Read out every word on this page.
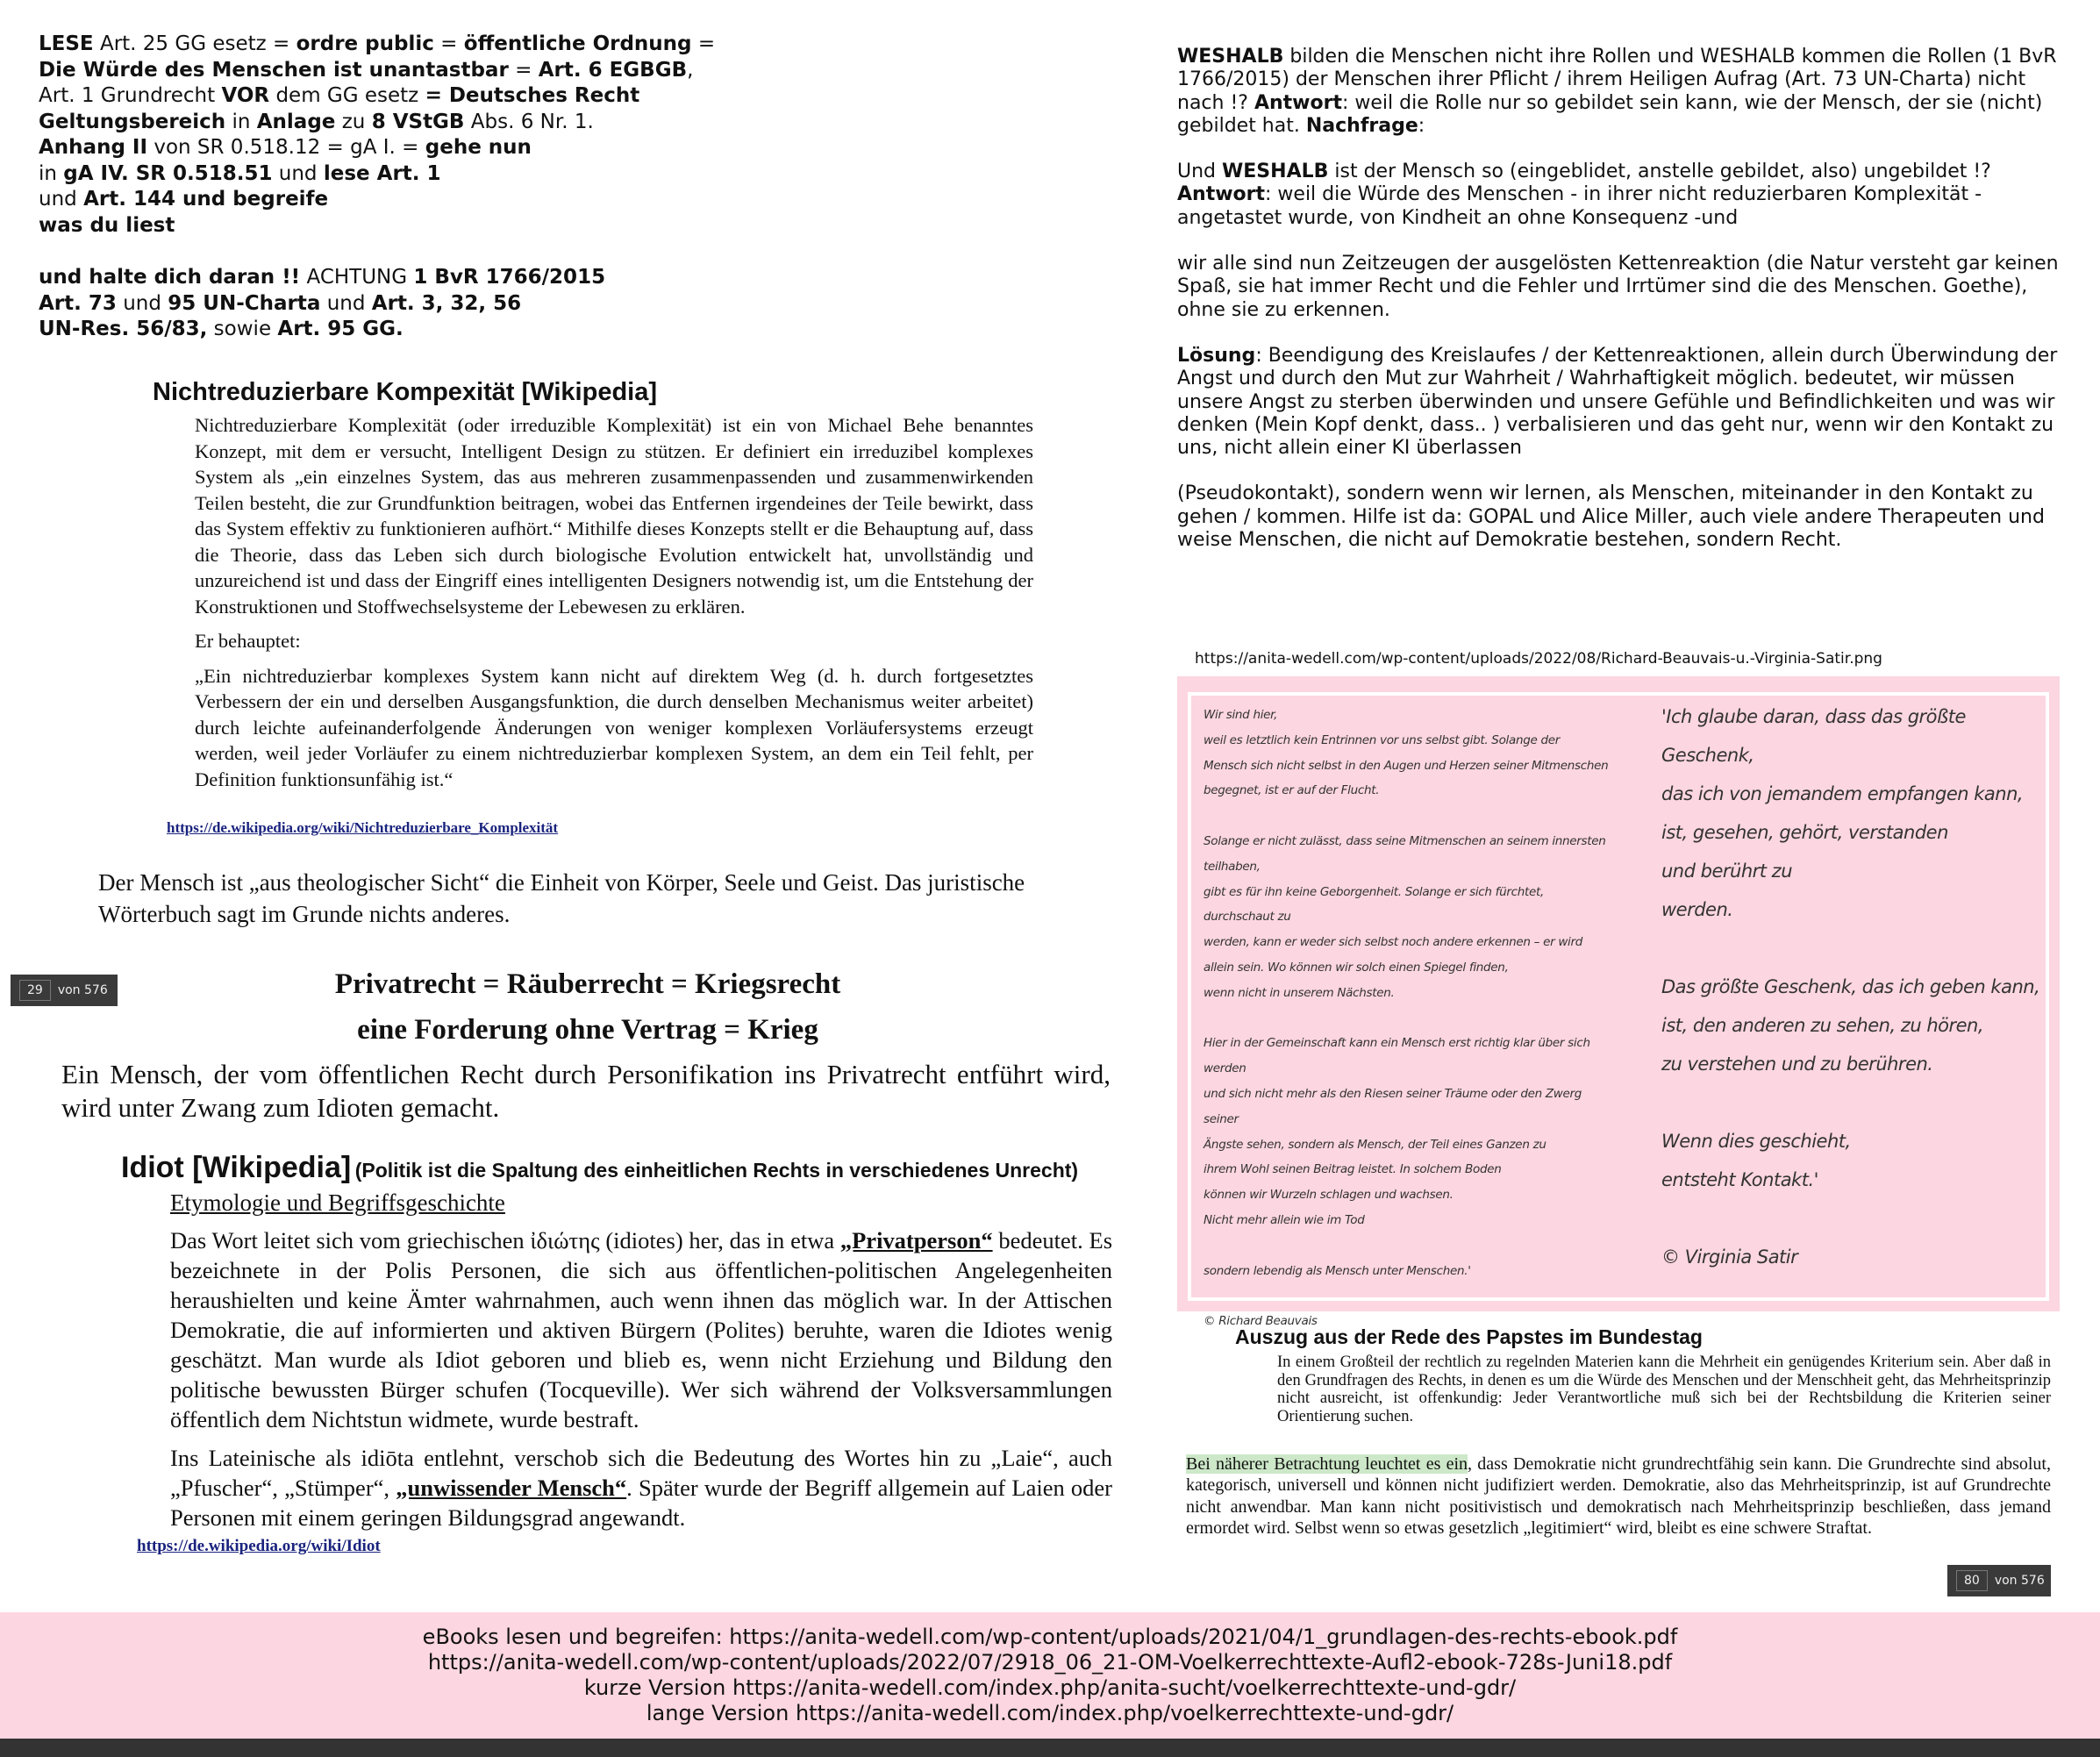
LESE Art. 25 GG esetz = ordre public = öffentliche Ordnung =
Die Würde des Menschen ist unantastbar = Art. 6 EGBGB,
Art. 1 Grundrecht VOR dem GG esetz = Deutsches Recht
Geltungsbereich in Anlage zu 8 VStGB Abs. 6 Nr. 1.
Anhang II von SR 0.518.12 = gA I. = gehe nun
in gA IV. SR 0.518.51 und lese Art. 1
und Art. 144 und begreife
was du liest
und halte dich daran !! ACHTUNG 1 BvR 1766/2015
Art. 73 und 95 UN-Charta und Art. 3, 32, 56
UN-Res. 56/83, sowie Art. 95 GG.
Nichtreduzierbare Kompexität [Wikipedia]

Nichtreduzierbare Komplexität (oder irreduzible Komplexität) ist ein von Michael Behe benanntes Konzept, mit dem er versucht, Intelligent Design zu stützen. Er definiert ein irreduzibel komplexes System als „ein einzelnes System, das aus mehreren zusammenpassenden und zusammenwirkenden Teilen besteht, die zur Grundfunktion beitragen, wobei das Entfernen irgendeines der Teile bewirkt, dass das System effektiv zu funktionieren aufhört.“ Mithilfe dieses Konzepts stellt er die Behauptung auf, dass die Theorie, dass das Leben sich durch biologische Evolution entwickelt hat, unvollständig und unzureichend ist und dass der Eingriff eines intelligenten Designers notwendig ist, um die Entstehung der Konstruktionen und Stoffwechselsysteme der Lebewesen zu erklären.

Er behauptet:

„Ein nichtreduzierbar komplexes System kann nicht auf direktem Weg (d. h. durch fortgesetztes Verbessern der ein und derselben Ausgangsfunktion, die durch denselben Mechanismus weiter arbeitet) durch leichte aufeinanderfolgende Änderungen von weniger komplexen Vorläufersystems erzeugt werden, weil jeder Vorläufer zu einem nichtreduzierbar komplexen System, an dem ein Teil fehlt, per Definition funktionsunfähig ist.“

https://de.wikipedia.org/wiki/Nichtreduzierbare_Komplexität
Der Mensch ist „aus theologischer Sicht“ die Einheit von Körper, Seele und Geist. Das juristische Wörterbuch sagt im Grunde nichts anderes.
29	von 576	Privatrecht = Räuberrecht = Kriegsrecht
eine Forderung ohne Vertrag = Krieg
Ein Mensch, der vom öffentlichen Recht durch Personifikation ins Privatrecht entführt wird, wird unter Zwang zum Idioten gemacht.
Idiot [Wikipedia] (Politik ist die Spaltung des einheitlichen Rechts in verschiedenes Unrecht)
Etymologie und Begriffsgeschichte

Das Wort leitet sich vom griechischen ἰδιώτης (idiotes) her, das in etwa „Privatperson“ bedeutet. Es bezeichnete in der Polis Personen, die sich aus öffentlichen-politischen Angelegenheiten heraushielten und keine Ämter wahrnahmen, auch wenn ihnen das möglich war. In der Attischen Demokratie, die auf informierten und aktiven Bürgern (Polites) beruhte, waren die Idiotes wenig geschätzt. Man wurde als Idiot geboren und blieb es, wenn nicht Erziehung und Bildung den politische bewussten Bürger schufen (Tocqueville). Wer sich während der Volksversammlungen öffentlich dem Nichtstun widmete, wurde bestraft.

Ins Lateinische als idiōta entlehnt, verschob sich die Bedeutung des Wortes hin zu „Laie“, auch „Pfuscher“, „Stümper“, „unwissender Mensch“. Später wurde der Begriff allgemein auf Laien oder Personen mit einem geringen Bildungsgrad angewandt.

https://de.wikipedia.org/wiki/Idiot

WESHALB bilden die Menschen nicht ihre Rollen und WESHALB kommen die Rollen (1 BvR 1766/2015) der Menschen ihrer Pflicht / ihrem Heiligen Aufrag (Art. 73 UN-Charta) nicht nach !? Antwort: weil die Rolle nur so gebildet sein kann, wie der Mensch, der sie (nicht) gebildet hat. Nachfrage:

Und WESHALB ist der Mensch so (eingeblidet, anstelle gebildet, also) ungebildet !? Antwort: weil die Würde des Menschen - in ihrer nicht reduzierbaren Komplexität - angetastet wurde, von Kindheit an ohne Konsequenz -und

wir alle sind nun Zeitzeugen der ausgelösten Kettenreaktion (die Natur versteht gar keinen Spaß, sie hat immer Recht und die Fehler und Irrtümer sind die des Menschen. Goethe), ohne sie zu erkennen.

Lösung: Beendigung des Kreislaufes / der Kettenreaktionen, allein durch Überwindung der Angst und durch den Mut zur Wahrheit / Wahrhaftigkeit möglich. bedeutet, wir müssen unsere Angst zu sterben überwinden und unsere Gefühle und Befindlichkeiten und was wir denken (Mein Kopf denkt, dass.. ) verbalisieren und das geht nur, wenn wir den Kontakt zu uns, nicht allein einer KI überlassen

(Pseudokontakt), sondern wenn wir lernen, als Menschen, miteinander in den Kontakt zu gehen / kommen. Hilfe ist da: GOPAL und Alice Miller, auch viele andere Therapeuten und weise Menschen, die nicht auf Demokratie bestehen, sondern Recht.

https://anita-wedell.com/wp-content/uploads/2022/08/Richard-Beauvais-u.-Virginia-Satir.png
Wir sind hier,
weil es letztlich kein Entrinnen vor uns selbst gibt. Solange der
Mensch sich nicht selbst in den Augen und Herzen seiner Mitmenschen
begegnet, ist er auf der Flucht.

Solange er nicht zulässt, dass seine Mitmenschen an seinem innersten teilhaben,
gibt es für ihn keine Geborgenheit. Solange er sich fürchtet, durchschaut zu
werden, kann er weder sich selbst noch andere erkennen – er wird
allein sein. Wo können wir solch einen Spiegel finden,
wenn nicht in unserem Nächsten.

Hier in der Gemeinschaft kann ein Mensch erst richtig klar über sich werden
und sich nicht mehr als den Riesen seiner Träume oder den Zwerg seiner
Ängste sehen, sondern als Mensch, der Teil eines Ganzen zu
ihrem Wohl seinen Beitrag leistet. In solchem Boden
können wir Wurzeln schlagen und wachsen.
Nicht mehr allein wie im Tod

sondern lebendig als Mensch unter Menschen.'

© Richard Beauvais
'Ich glaube daran, dass das größte Geschenk,
das ich von jemandem empfangen kann,
ist, gesehen, gehört, verstanden
und berührt zu
werden.

Das größte Geschenk, das ich geben kann,
ist, den anderen zu sehen, zu hören,
zu verstehen und zu berühren.

Wenn dies geschieht,
entsteht Kontakt.'

© Virginia Satir
Auszug aus der Rede des Papstes im Bundestag
In einem Großteil der rechtlich zu regelnden Materien kann die Mehrheit ein genügendes Kriterium sein. Aber daß in den Grundfragen des Rechts, in denen es um die Würde des Menschen und der Menschheit geht, das Mehrheitsprinzip nicht ausreicht, ist offenkundig: Jeder Verantwortliche muß sich bei der Rechtsbildung die Kriterien seiner Orientierung suchen.
Bei näherer Betrachtung leuchtet es ein, dass Demokratie nicht grundrechtfähig sein kann. Die Grundrechte sind absolut, kategorisch, universell und können nicht judifiziert werden. Demokratie, also das Mehrheitsprinzip, ist auf Grundrechte nicht anwendbar. Man kann nicht positivistisch und demokratisch nach Mehrheitsprinzip beschließen, dass jemand ermordet wird. Selbst wenn so etwas gesetzlich „legitimiert“ wird, bleibt es eine schwere Straftat.
80	von 576
eBooks lesen und begreifen: https://anita-wedell.com/wp-content/uploads/2021/04/1_grundlagen-des-rechts-ebook.pdf
https://anita-wedell.com/wp-content/uploads/2022/07/2918_06_21-OM-Voelkerrechttexte-Aufl2-ebook-728s-Juni18.pdf
kurze Version https://anita-wedell.com/index.php/anita-sucht/voelkerrechttexte-und-gdr/
lange Version https://anita-wedell.com/index.php/voelkerrechttexte-und-gdr/
